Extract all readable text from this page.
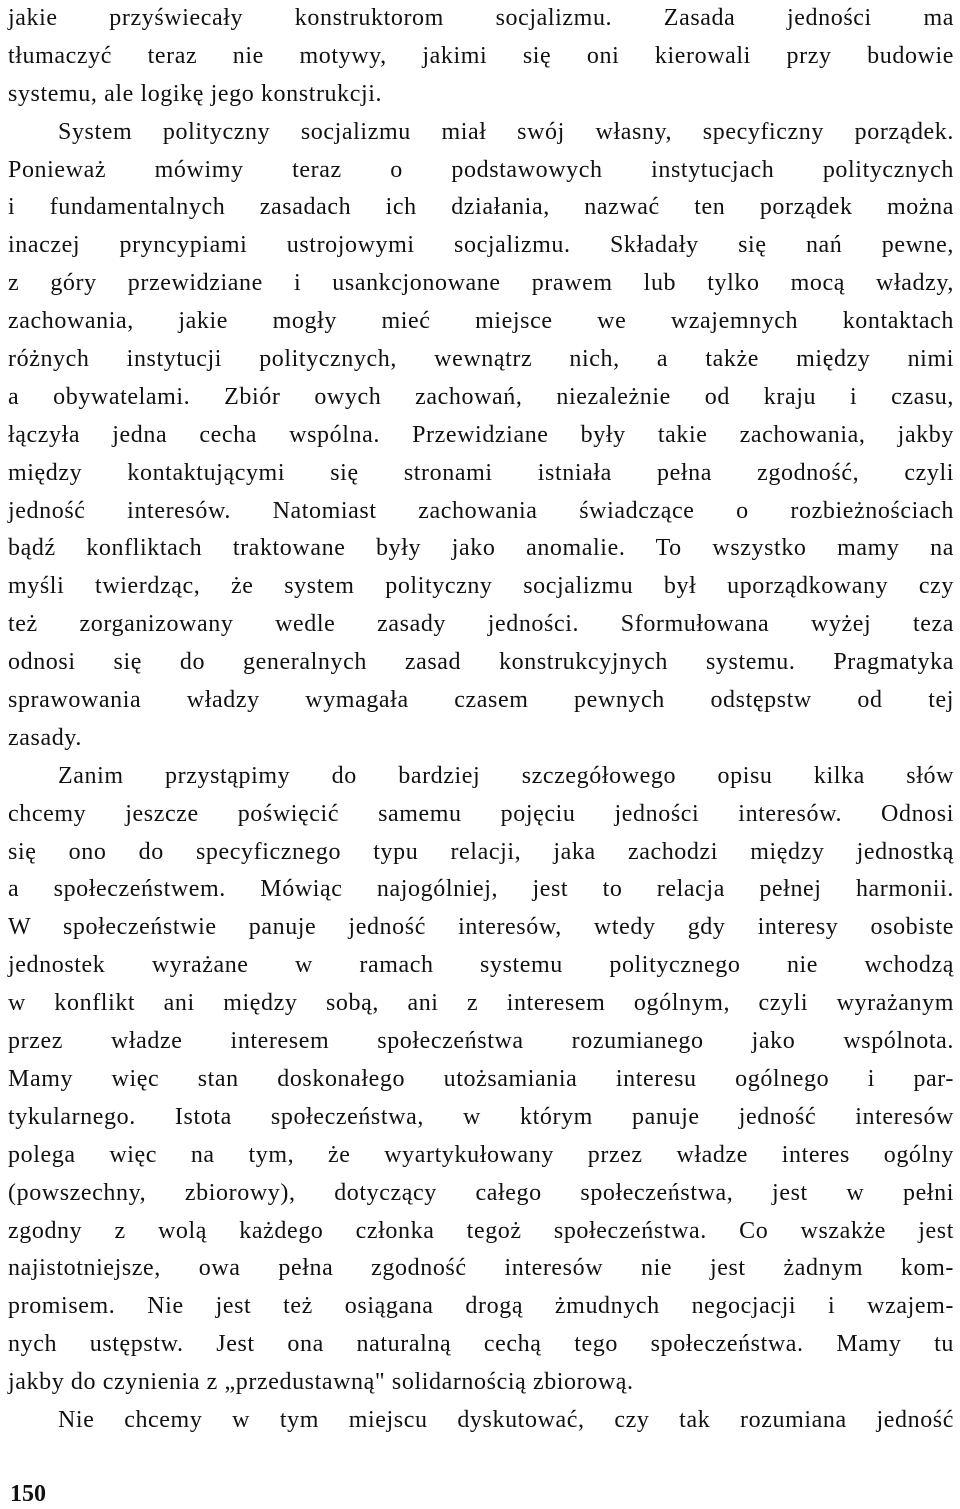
jakie przyświecały konstruktorom socjalizmu. Zasada jedności ma
tłumaczyć teraz nie motywy, jakimi się oni kierowali przy budowie
systemu, ale logikę jego konstrukcji.
System polityczny socjalizmu miał swój własny, specyficzny porządek.
Ponieważ mówimy teraz o podstawowych instytucjach politycznych
i fundamentalnych zasadach ich działania, nazwać ten porządek można
inaczej pryncypiami ustrojowymi socjalizmu. Składały się nań pewne,
z góry przewidziane i usankcjonowane prawem lub tylko mocą władzy,
zachowania, jakie mogły mieć miejsce we wzajemnych kontaktach
różnych instytucji politycznych, wewnątrz nich, a także między nimi
a obywatelami. Zbiór owych zachowań, niezależnie od kraju i czasu,
łączyła jedna cecha wspólna. Przewidziane były takie zachowania, jakby
między kontaktującymi się stronami istniała pełna zgodność, czyli
jedność interesów. Natomiast zachowania świadczące o rozbieżnościach
bądź konfliktach traktowane były jako anomalie. To wszystko mamy na
myśli twierdząc, że system polityczny socjalizmu był uporządkowany czy
też zorganizowany wedle zasady jedności. Sformułowana wyżej teza
odnosi się do generalnych zasad konstrukcyjnych systemu. Pragmatyka
sprawowania władzy wymagała czasem pewnych odstępstw od tej
zasady.
Zanim przystąpimy do bardziej szczegółowego opisu kilka słów
chcemy jeszcze poświęcić samemu pojęciu jedności interesów. Odnosi
się ono do specyficznego typu relacji, jaka zachodzi między jednostką
a społeczeństwem. Mówiąc najogólniej, jest to relacja pełnej harmonii.
W społeczeństwie panuje jedność interesów, wtedy gdy interesy osobiste
jednostek wyrażane w ramach systemu politycznego nie wchodzą
w konflikt ani między sobą, ani z interesem ogólnym, czyli wyrażanym
przez władze interesem społeczeństwa rozumianego jako wspólnota.
Mamy więc stan doskonałego utożsamiania interesu ogólnego i par-
tykularnego. Istota społeczeństwa, w którym panuje jedność interesów
polega więc na tym, że wyartykułowany przez władze interes ogólny
(powszechny, zbiorowy), dotyczący całego społeczeństwa, jest w pełni
zgodny z wolą każdego członka tegoż społeczeństwa. Co wszakże jest
najistotniejsze, owa pełna zgodność interesów nie jest żadnym kom-
promisem. Nie jest też osiągana drogą żmudnych negocjacji i wzajem-
nych ustępstw. Jest ona naturalną cechą tego społeczeństwa. Mamy tu
jakby do czynienia z „przedustawną" solidarnością zbiorową.
Nie chcemy w tym miejscu dyskutować, czy tak rozumiana jedność
150
